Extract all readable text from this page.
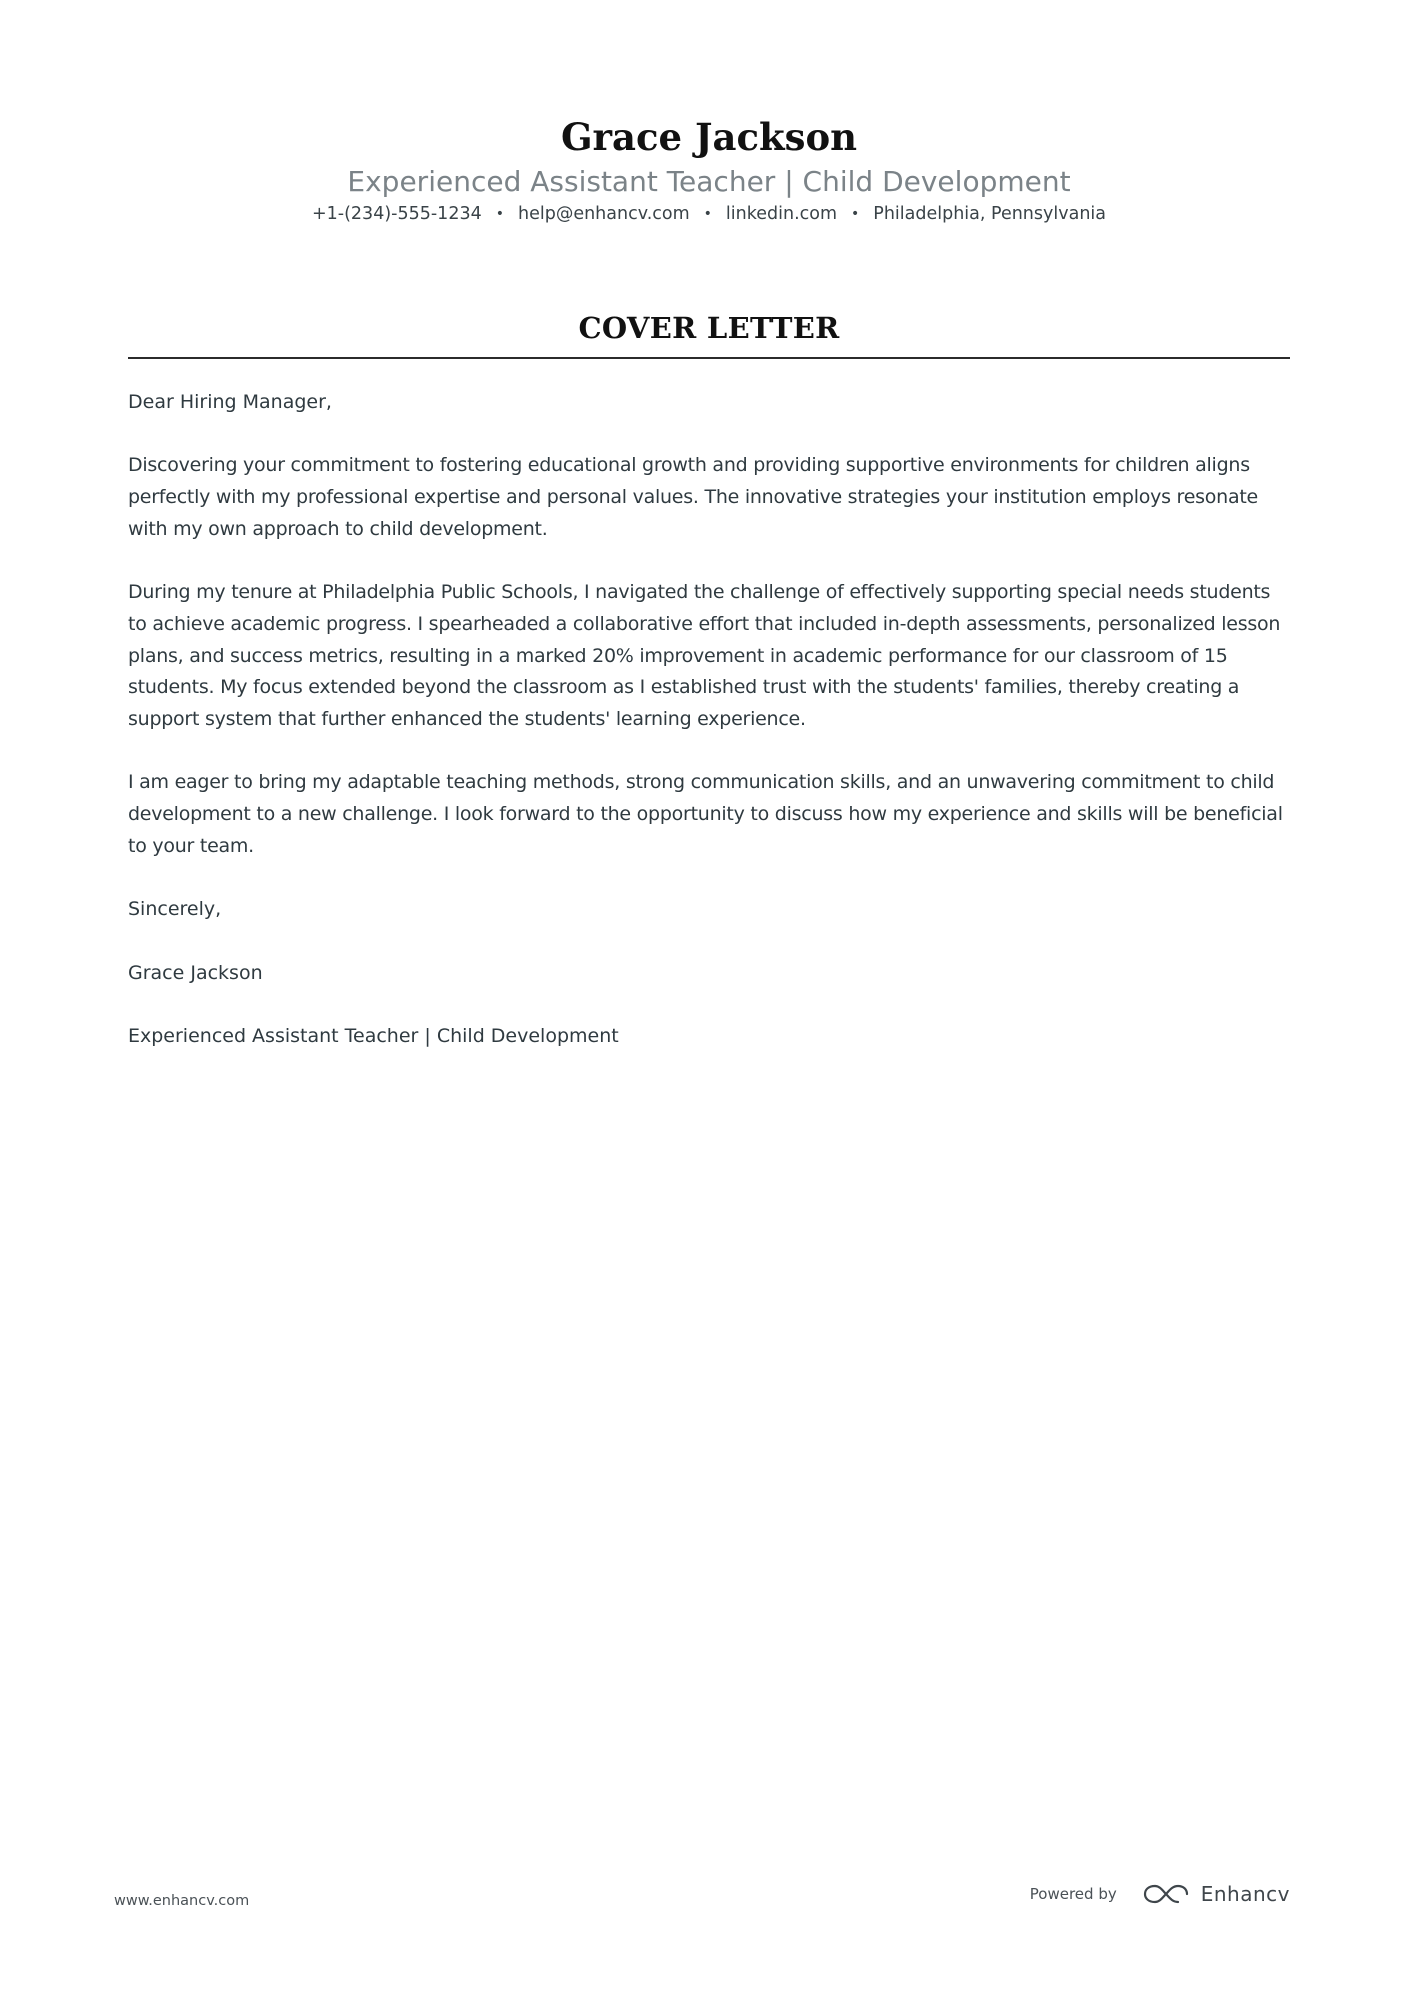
Grace Jackson
Experienced Assistant Teacher | Child Development
+1-(234)-555-1234 • help@enhancv.com • linkedin.com • Philadelphia, Pennsylvania
COVER LETTER

Dear Hiring Manager,

Discovering your commitment to fostering educational growth and providing supportive environments for children aligns perfectly with my professional expertise and personal values. The innovative strategies your institution employs resonate with my own approach to child development.

During my tenure at Philadelphia Public Schools, I navigated the challenge of effectively supporting special needs students to achieve academic progress. I spearheaded a collaborative effort that included in-depth assessments, personalized lesson plans, and success metrics, resulting in a marked 20% improvement in academic performance for our classroom of 15 students. My focus extended beyond the classroom as I established trust with the students' families, thereby creating a support system that further enhanced the students' learning experience.

I am eager to bring my adaptable teaching methods, strong communication skills, and an unwavering commitment to child development to a new challenge. I look forward to the opportunity to discuss how my experience and skills will be beneficial to your team.

Sincerely,

Grace Jackson

Experienced Assistant Teacher | Child Development

www.enhancv.com	Powered by	Enhancv
